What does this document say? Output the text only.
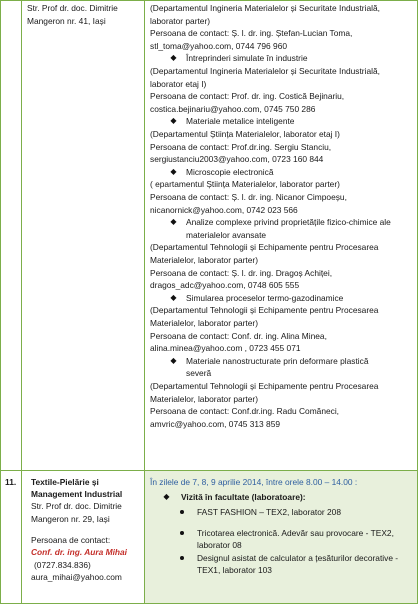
Str. Prof dr. doc. Dimitrie
Mangeron nr. 41, Iași
(Departamentul Ingineria Materialelor și Securitate Industrială,
laborator parter)
Persoana de contact: Ș. l. dr. ing. Ștefan-Lucian Toma,
stl_toma@yahoo.com, 0744 796 960
◆ Întreprinderi simulate în industrie
(Departamentul Ingineria Materialelor și Securitate Industrială,
laborator etaj I)
Persoana de contact: Prof. dr. ing. Costică Bejinariu,
costica.bejinariu@yahoo.com, 0745 750 286
◆ Materiale metalice inteligente
(Departamentul Știința Materialelor, laborator etaj I)
Persoana de contact: Prof.dr.ing. Sergiu Stanciu,
sergiustanciu2003@yahoo.com, 0723 160 844
◆ Microscopie electronică
( epartamentul Știința Materialelor, laborator parter)
Persoana de contact: Ș. l. dr. ing. Nicanor Cimpoeșu,
nicanornick@yahoo.com, 0742 023 566
◆ Analize complexe privind proprietățile fizico-chimice ale
materialelor avansate
(Departamentul Tehnologii și Echipamente pentru Procesarea
Materialelor, laborator parter)
Persoana de contact: Ș. l. dr. ing. Dragoș Achiței,
dragos_adc@yahoo.com, 0748 605 555
◆ Simularea proceselor termo-gazodinamice
(Departamentul Tehnologii și Echipamente pentru Procesarea
Materialelor, laborator parter)
Persoana de contact: Conf. dr. ing. Alina Minea,
alina.minea@yahoo.com , 0723 455 071
◆ Materiale nanostructurate prin deformare plastică
severă
(Departamentul Tehnologii și Echipamente pentru Procesarea
Materialelor, laborator parter)
Persoana de contact: Conf.dr.ing. Radu Comăneci,
amvric@yahoo.com, 0745 313 859
11. Textile-Pielărie și
Management Industrial
Str. Prof dr. doc. Dimitrie
Mangeron nr. 29, Iași
Persoana de contact:
Conf. dr. ing. Aura Mihai
(0727.834.836)
aura_mihai@yahoo.com
În zilele de 7, 8, 9 aprilie 2014, între orele 8.00 – 14.00 :
◆ Vizită în facultate (laboratoare):
FAST FASHION – TEX2, laborator 208
Tricotarea electronică. Adevăr sau provocare - TEX2,
laborator 08
Designul asistat de calculator a țesăturilor decorative -
TEX1, laborator 103
